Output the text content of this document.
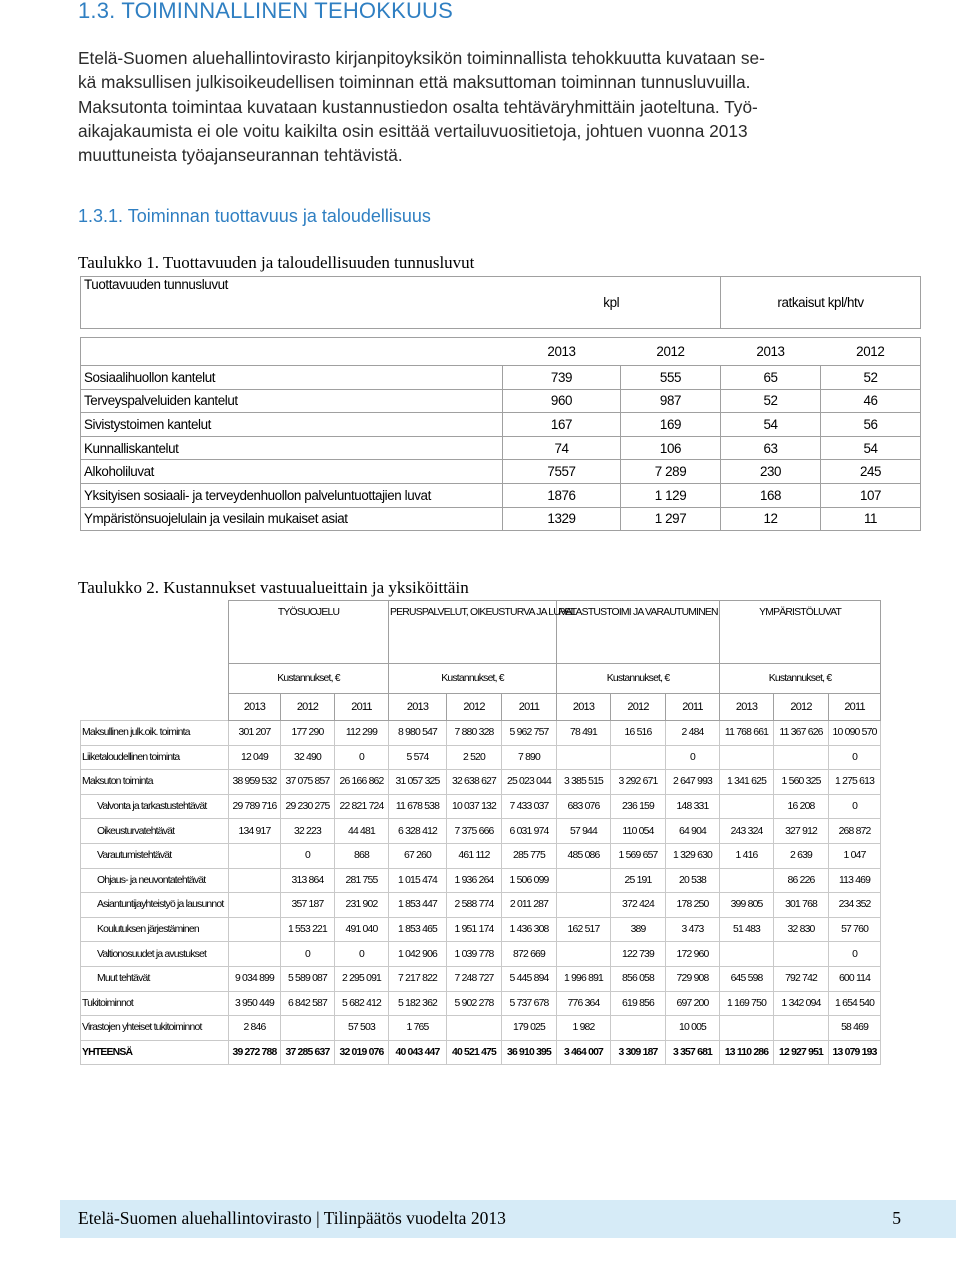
1.3. TOIMINNALLINEN TEHOKKUUS
Etelä-Suomen aluehallintovirasto kirjanpitoyksikön toiminnallista tehokkuutta kuvataan se-
kä maksullisen julkisoikeudellisen toiminnan että maksuttoman toiminnan tunnusluvuilla.
Maksutonta toimintaa kuvataan kustannustiedon osalta tehtäväryhmittäin jaoteltuna. Työ-
aikajakaumista ei ole voitu kaikilta osin esittää vertailuvuositietoja, johtuen vuonna 2013
muuttuneista työajanseurannan tehtävistä.
1.3.1. Toiminnan tuottavuus ja taloudellisuus
Taulukko 1. Tuottavuuden ja taloudellisuuden tunnusluvut
Tuottavuuden tunnusluvut	kpl		ratkaisut kpl/htv	

	2013	2012	2013	2012
Sosiaalihuollon kantelut	739	555	65	52
Terveyspalveluiden kantelut	960	987	52	46
Sivistystoimen kantelut	167	169	54	56
Kunnalliskantelut	74	106	63	54
Alkoholiluvat	7557	7 289	230	245
Yksityisen sosiaali- ja terveydenhuollon palveluntuottajien luvat	1876	1 129	168	107
Ympäristönsuojelulain ja vesilain mukaiset asiat	1329	1 297	12	11
Taulukko 2. Kustannukset vastuualueittain ja yksiköittäin
	TYÖSUOJELU			PERUSPALVELUT, OIKEUSTURVA JA LUVAT			PELASTUSTOIMI JA VARAUTUMINEN			YMPÄRISTÖLUVAT		
	Kustannukset, €			Kustannukset, €			Kustannukset, €			Kustannukset, €		
	2013	2012	2011	2013	2012	2011	2013	2012	2011	2013	2012	2011
Maksullinen julk.oik. toiminta	301 207	177 290	112 299	8 980 547	7 880 328	5 962 757	78 491	16 516	2 484	11 768 661	11 367 626	10 090 570
Liiketaloudellinen toiminta	12 049	32 490	0	5 574	2 520	7 890			0			0
Maksuton toiminta	38 959 532	37 075 857	26 166 862	31 057 325	32 638 627	25 023 044	3 385 515	3 292 671	2 647 993	1 341 625	1 560 325	1 275 613
Valvonta ja tarkastustehtävät	29 789 716	29 230 275	22 821 724	11 678 538	10 037 132	7 433 037	683 076	236 159	148 331		16 208	0
Oikeusturvatehtävät	134 917	32 223	44 481	6 328 412	7 375 666	6 031 974	57 944	110 054	64 904	243 324	327 912	268 872
Varautumistehtävät		0	868	67 260	461 112	285 775	485 086	1 569 657	1 329 630	1 416	2 639	1 047
Ohjaus- ja neuvontatehtävät		313 864	281 755	1 015 474	1 936 264	1 506 099		25 191	20 538		86 226	113 469
Asiantuntijayhteistyö ja lausunnot		357 187	231 902	1 853 447	2 588 774	2 011 287		372 424	178 250	399 805	301 768	234 352
Koulutuksen järjestäminen		1 553 221	491 040	1 853 465	1 951 174	1 436 308	162 517	389	3 473	51 483	32 830	57 760
Valtionosuudet ja avustukset		0	0	1 042 906	1 039 778	872 669		122 739	172 960			0
Muut tehtävät	9 034 899	5 589 087	2 295 091	7 217 822	7 248 727	5 445 894	1 996 891	856 058	729 908	645 598	792 742	600 114
Tukitoiminnot	3 950 449	6 842 587	5 682 412	5 182 362	5 902 278	5 737 678	776 364	619 856	697 200	1 169 750	1 342 094	1 654 540
Virastojen yhteiset tukitoiminnot	2 846		57 503	1 765		179 025	1 982		10 005			58 469
YHTEENSÄ	39 272 788	37 285 637	32 019 076	40 043 447	40 521 475	36 910 395	3 464 007	3 309 187	3 357 681	13 110 286	12 927 951	13 079 193
Etelä-Suomen aluehallintovirasto | Tilinpäätös vuodelta 2013	5
